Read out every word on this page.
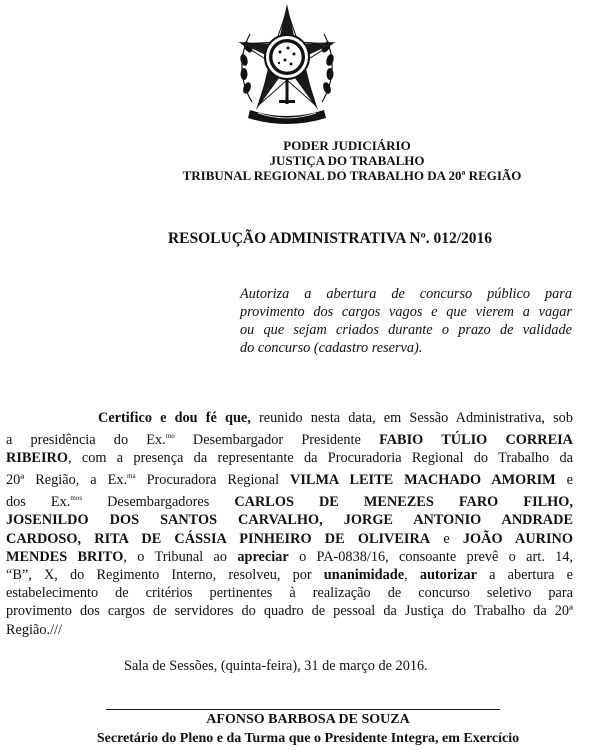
PODER JUDICIÁRIO
JUSTIÇA DO TRABALHO
TRIBUNAL REGIONAL DO TRABALHO DA 20ª REGIÃO
RESOLUÇÃO ADMINISTRATIVA Nº. 012/2016
Autoriza a abertura de concurso público para
provimento dos cargos vagos e que vierem a vagar
ou que sejam criados durante o prazo de validade
do concurso (cadastro reserva).
Certifico e dou fé que, reunido nesta data, em Sessão Administrativa, sob
a presidência do Ex.$^{mo}$ Desembargador Presidente FABIO TÚLIO CORREIA
RIBEIRO, com a presença da representante da Procuradoria Regional do Trabalho da
20ª Região, a Ex.$^{ma}$ Procuradora Regional VILMA LEITE MACHADO AMORIM e
dos Ex.$^{mos}$ Desembargadores CARLOS DE MENEZES FARO FILHO,
JOSENILDO DOS SANTOS CARVALHO, JORGE ANTONIO ANDRADE
CARDOSO, RITA DE CÁSSIA PINHEIRO DE OLIVEIRA e JOÃO AURINO
MENDES BRITO, o Tribunal ao apreciar o PA-0838/16, consoante prevê o art. 14,
“B”, X, do Regimento Interno, resolveu, por unanimidade, autorizar a abertura e
estabelecimento de critérios pertinentes à realização de concurso seletivo para
provimento dos cargos de servidores do quadro de pessoal da Justiça do Trabalho da 20ª
Região.///
Sala de Sessões, (quinta-feira), 31 de março de 2016.
AFONSO BARBOSA DE SOUZA
Secretário do Pleno e da Turma que o Presidente Integra, em Exercício
